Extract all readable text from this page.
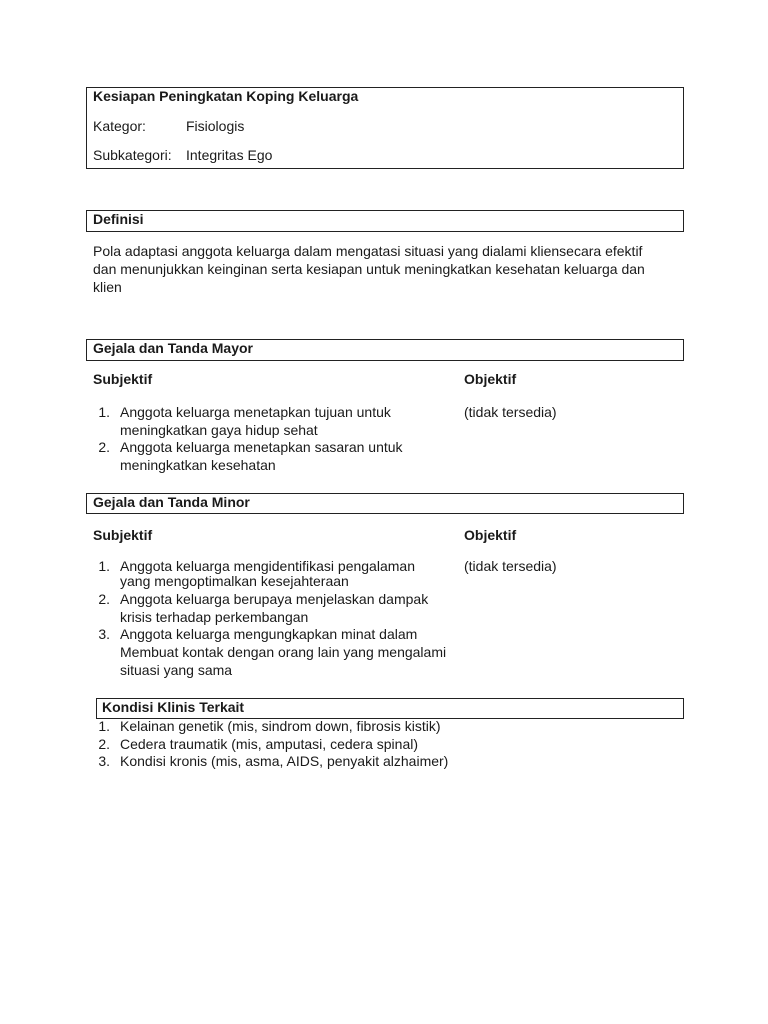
Kesiapan Peningkatan Koping Keluarga
Kategor:	Fisiologis
Subkategori: Integritas Ego
Definisi
Pola adaptasi anggota keluarga dalam mengatasi situasi yang dialami kliensecara efektif
dan menunjukkan keinginan serta kesiapan untuk meningkatkan kesehatan keluarga dan
klien
Gejala dan Tanda Mayor
Subjektif	Objektif
1. Anggota keluarga menetapkan tujuan untuk
meningkatkan gaya hidup sehat
2. Anggota keluarga menetapkan sasaran untuk
meningkatkan kesehatan
(tidak tersedia)
Gejala dan Tanda Minor
Subjektif	Objektif
1. Anggota keluarga mengidentifikasi pengalaman
yang mengoptimalkan kesejahteraan
2. Anggota keluarga berupaya menjelaskan dampak
krisis terhadap perkembangan
3. Anggota keluarga mengungkapkan minat dalam
Membuat kontak dengan orang lain yang mengalami
situasi yang sama
(tidak tersedia)
Kondisi Klinis Terkait
1. Kelainan genetik (mis, sindrom down, fibrosis kistik)
2. Cedera traumatik (mis, amputasi, cedera spinal)
3. Kondisi kronis (mis, asma, AIDS, penyakit alzhaimer)
